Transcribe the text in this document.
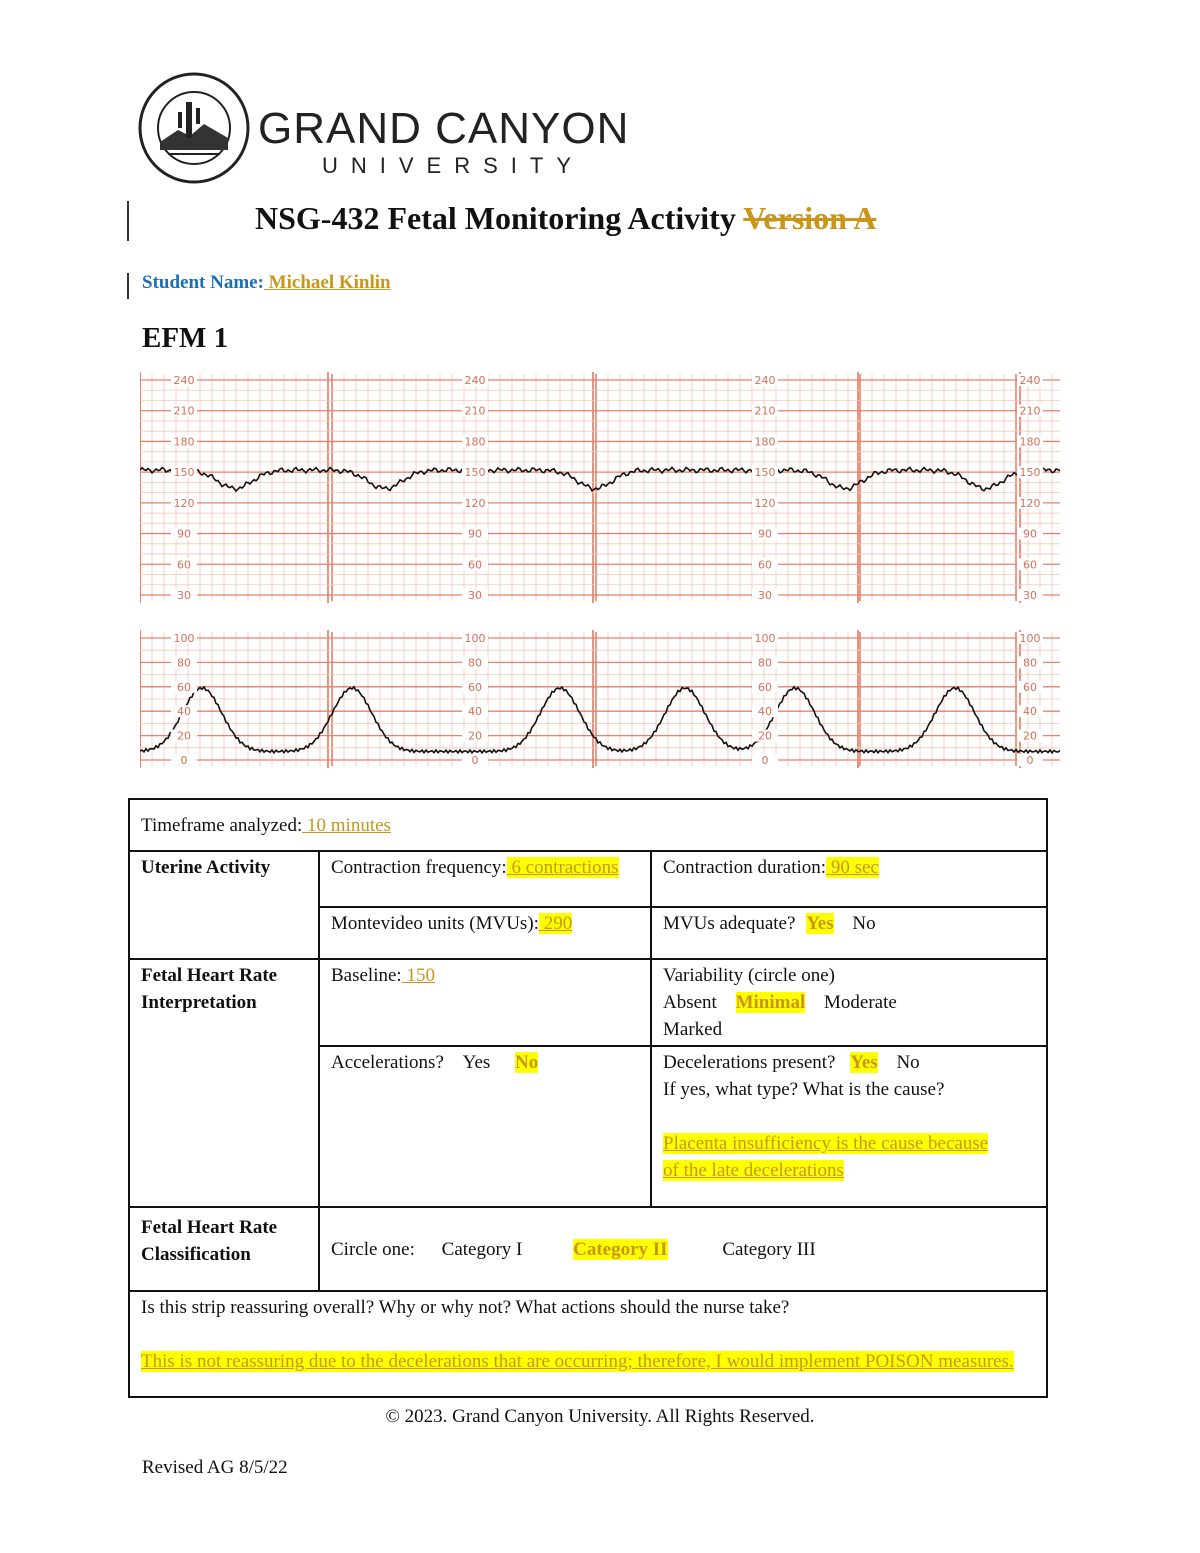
GRAND CANYON
UNIVERSITY
NSG-432 Fetal Monitoring Activity Version A
Student Name: Michael Kinlin
EFM 1
240
210
180
150
120
90
60
30
100
80
60
40
20
0
240
210
180
150
120
90
60
30
100
80
60
40
20
0
240
210
180
150
120
90
60
30
100
80
60
40
20
0
240
210
180
150
120
90
60
30
100
80
60
40
20
0
Timeframe analyzed: 10 minutes		
Uterine Activity	Contraction frequency: 6 contractions	Contraction duration: 90 sec
	Montevideo units (MVUs): 290	MVUs adequate? Yes No
Fetal Heart Rate Interpretation	Baseline: 150	Variability (circle one)
Absent Minimal Moderate
Marked

	Accelerations? Yes No	Decelerations present? Yes No
If yes, what type? What is the cause?
Placenta insufficiency is the cause because of the late decelerations

Fetal Heart Rate Classification	Circle one: Category I Category II Category III	

Is this strip reassuring overall? Why or why not? What actions should the nurse take?
This is not reassuring due to the decelerations that are occurring; therefore, I would implement POISON measures.		
© 2023. Grand Canyon University. All Rights Reserved.
Revised AG 8/5/22
